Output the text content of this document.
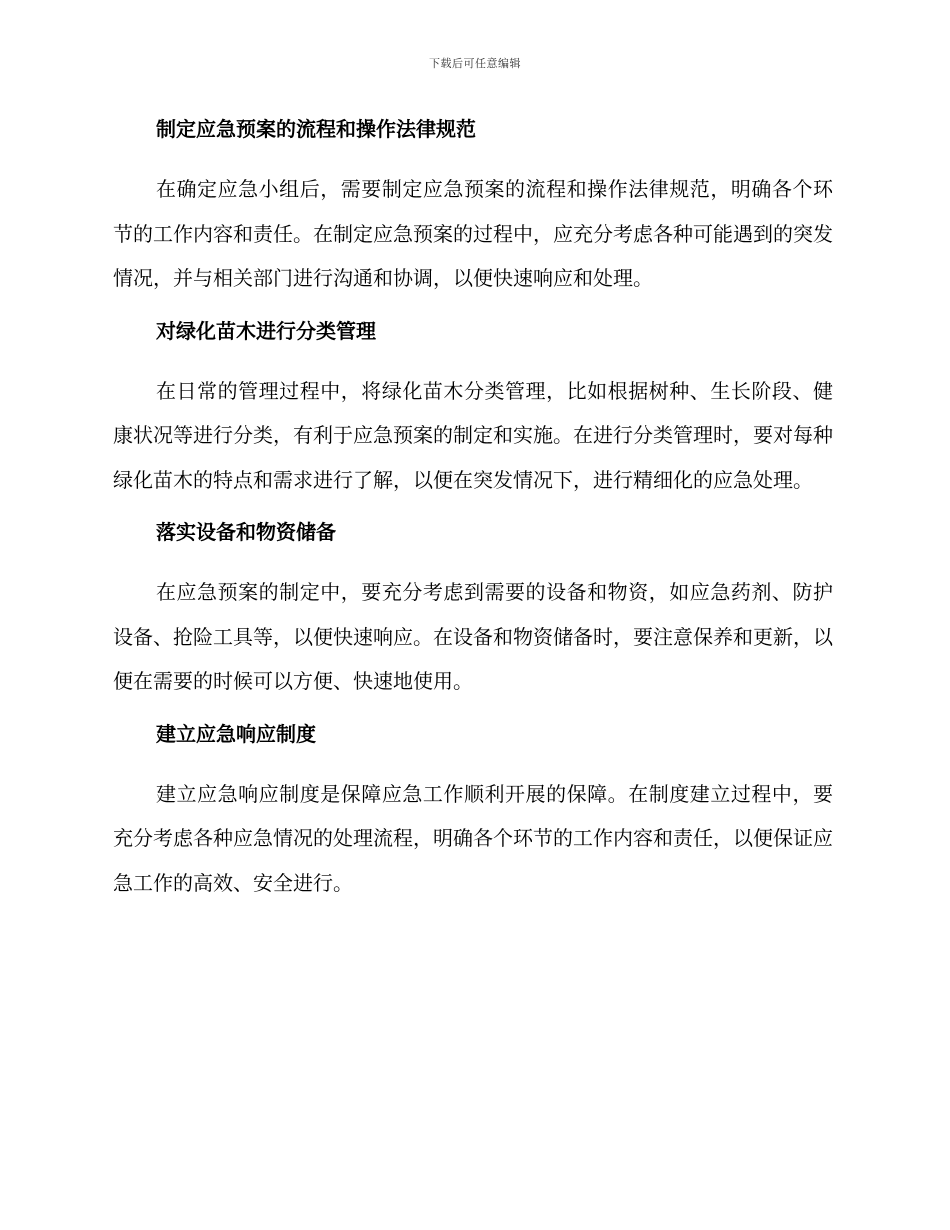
下载后可任意编辑
制定应急预案的流程和操作法律规范

在确定应急小组后，需要制定应急预案的流程和操作法律规范，明确各个环节的工作内容和责任。在制定应急预案的过程中，应充分考虑各种可能遇到的突发情况，并与相关部门进行沟通和协调，以便快速响应和处理。

对绿化苗木进行分类管理

在日常的管理过程中，将绿化苗木分类管理，比如根据树种、生长阶段、健康状况等进行分类，有利于应急预案的制定和实施。在进行分类管理时，要对每种绿化苗木的特点和需求进行了解，以便在突发情况下，进行精细化的应急处理。

落实设备和物资储备

在应急预案的制定中，要充分考虑到需要的设备和物资，如应急药剂、防护设备、抢险工具等，以便快速响应。在设备和物资储备时，要注意保养和更新，以便在需要的时候可以方便、快速地使用。

建立应急响应制度

建立应急响应制度是保障应急工作顺利开展的保障。在制度建立过程中，要充分考虑各种应急情况的处理流程，明确各个环节的工作内容和责任，以便保证应急工作的高效、安全进行。
